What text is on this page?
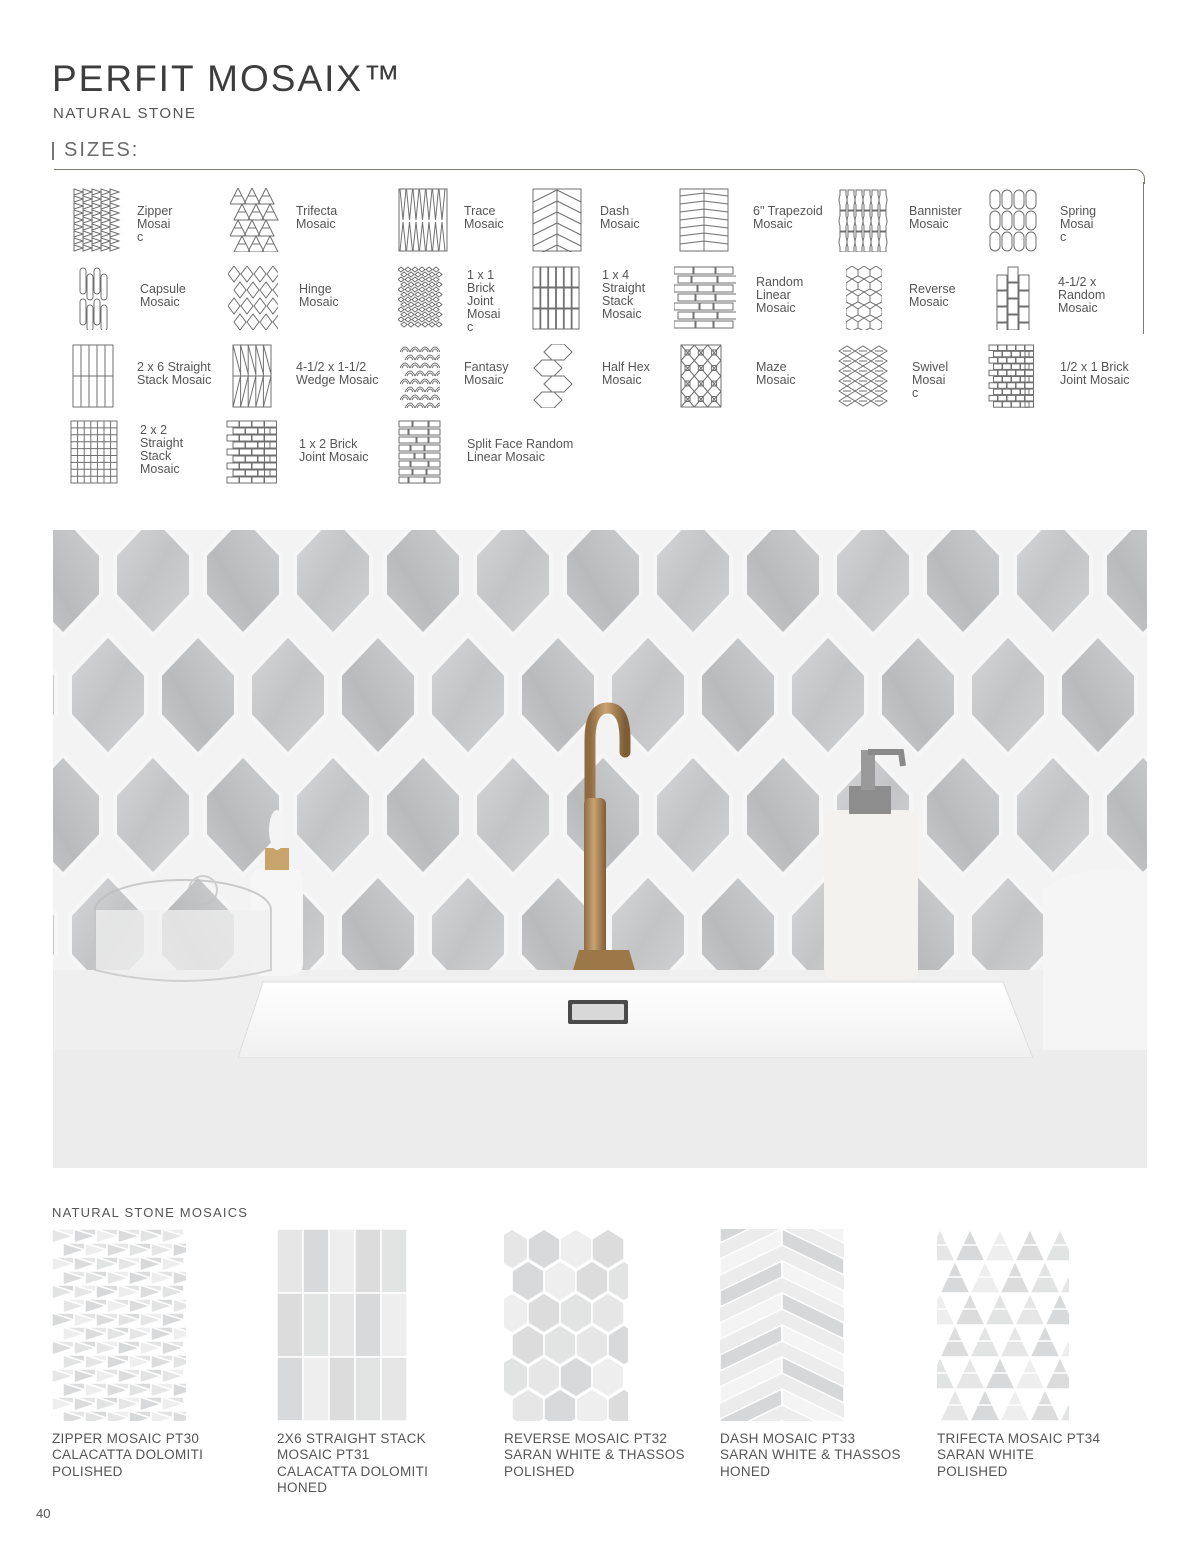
PERFIT MOSAIX™
NATURAL STONE
SIZES:
Zipper
Mosai
c
Trifecta
Mosaic
Trace
Mosaic
Dash
Mosaic
6" Trapezoid
Mosaic
Bannister
Mosaic
Spring
Mosai
c
Capsule
Mosaic
Hinge
Mosaic
1 x 1
Brick
Joint
Mosai
c
1 x 4
Straight
Stack
Mosaic
Random
Linear
Mosaic
Reverse
Mosaic
4-1/2 x
Random
Mosaic
2 x 6 Straight
Stack Mosaic
4-1/2 x 1-1/2
Wedge Mosaic
Fantasy
Mosaic
Half Hex
Mosaic
Maze
Mosaic
Swivel
Mosai
c
1/2 x 1 Brick
Joint Mosaic
2 x 2
Straight
Stack
Mosaic
1 x 2 Brick
Joint Mosaic
Split Face Random
Linear Mosaic
NATURAL STONE MOSAICS
ZIPPER MOSAIC PT30
CALACATTA DOLOMITI
POLISHED
2X6 STRAIGHT STACK
MOSAIC PT31
CALACATTA DOLOMITI
HONED
REVERSE MOSAIC PT32
SARAN WHITE & THASSOS
POLISHED
DASH MOSAIC PT33
SARAN WHITE & THASSOS
HONED
TRIFECTA MOSAIC PT34
SARAN WHITE
POLISHED
40
